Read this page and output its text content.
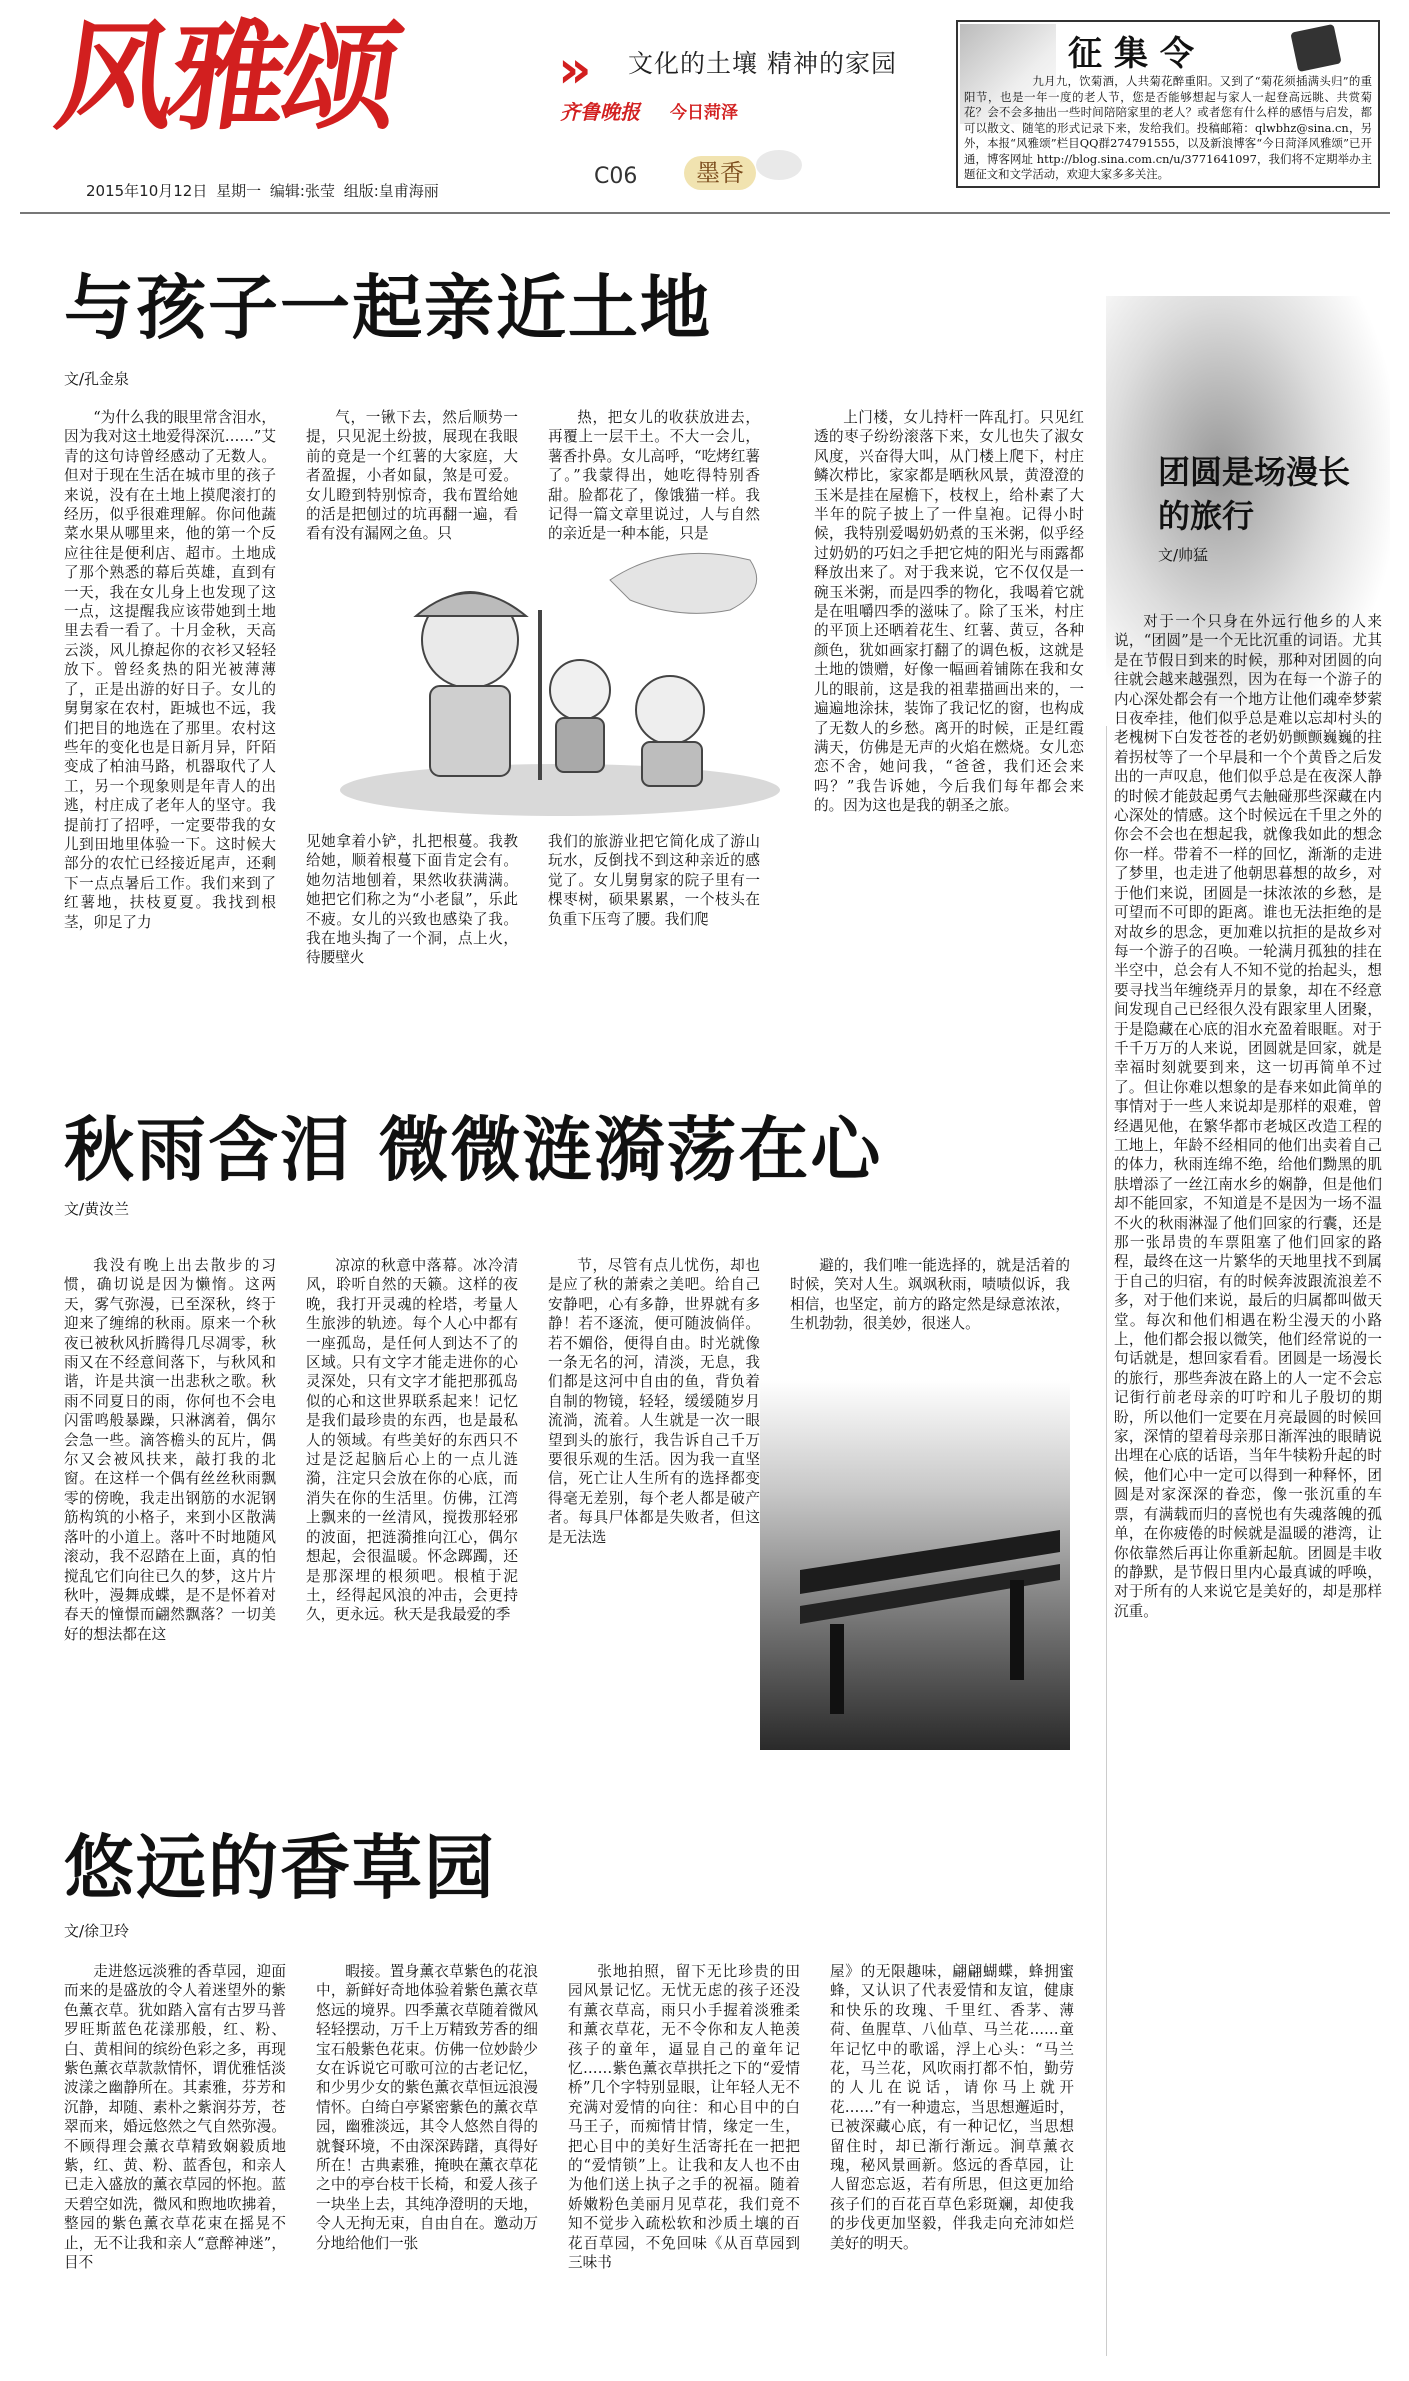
风雅颂	» 文化的土壤 精神的家园
齐鲁晚报 今日菏泽
C06	墨香
2015年10月12日 星期一 编辑:张莹 组版:皇甫海丽
征集令
九月九，饮菊酒，人共菊花醉重阳。又到了“菊花须插满头归”的重阳节，也是一年一度的老人节，您是否能够想起与家人一起登高远眺、共赏菊花？会不会多抽出一些时间陪陪家里的老人？或者您有什么样的感悟与启发，都可以散文、随笔的形式记录下来，发给我们。投稿邮箱：qlwbhz@sina.cn，另外，本报“风雅颂”栏目QQ群274791555，以及新浪博客“今日菏泽风雅颂”已开通，博客网址 http://blog.sina.com.cn/u/3771641097，我们将不定期举办主题征文和文学活动，欢迎大家多多关注。
与孩子一起亲近土地
文/孔金泉
“为什么我的眼里常含泪水，因为我对这土地爱得深沉……”艾青的这句诗曾经感动了无数人。但对于现在生活在城市里的孩子来说，没有在土地上摸爬滚打的经历，似乎很难理解。你问他蔬菜水果从哪里来，他的第一个反应往往是便利店、超市。土地成了那个熟悉的幕后英雄，直到有一天，我在女儿身上也发现了这一点，这提醒我应该带她到土地里去看一看了。十月金秋，天高云淡，风儿撩起你的衣衫又轻轻放下。曾经炙热的阳光被薄薄了，正是出游的好日子。女儿的舅舅家在农村，距城也不远，我们把目的地选在了那里。农村这些年的变化也是日新月异，阡陌变成了柏油马路，机器取代了人工，另一个现象则是年青人的出逃，村庄成了老年人的坚守。我提前打了招呼，一定要带我的女儿到田地里体验一下。这时候大部分的农忙已经接近尾声，还剩下一点点暑后工作。我们来到了红薯地，扶枝夏夏。我找到根茎，卯足了力
气，一锹下去，然后顺势一提，只见泥土纷披，展现在我眼前的竟是一个红薯的大家庭，大者盈握，小者如鼠，煞是可爱。女儿瞪到特别惊奇，我布置给她的活是把刨过的坑再翻一遍，看看有没有漏网之鱼。只
见她拿着小铲，扎把根蔓。我教给她，顺着根蔓下面肯定会有。她勿洁地刨着，果然收获满满。她把它们称之为“小老鼠”，乐此不疲。女儿的兴致也感染了我。我在地头掏了一个洞，点上火，待腰壁火
热，把女儿的收获放进去，再覆上一层干土。不大一会儿，薯香扑鼻。女儿高呼，“吃烤红薯了。”我蒙得出，她吃得特别香甜。脸都花了，像饿猫一样。我记得一篇文章里说过，人与自然的亲近是一种本能，只是
我们的旅游业把它简化成了游山玩水，反倒找不到这种亲近的感觉了。女儿舅舅家的院子里有一棵枣树，硕果累累，一个枝头在负重下压弯了腰。我们爬
上门楼，女儿持杆一阵乱打。只见红透的枣子纷纷滚落下来，女儿也失了淑女风度，兴奋得大叫，从门楼上爬下，村庄鳞次栉比，家家都是晒秋风景，黄澄澄的玉米是挂在屋檐下，枝杈上，给朴素了大半年的院子披上了一件皇袍。记得小时候，我特别爱喝奶奶煮的玉米粥，似乎经过奶奶的巧妇之手把它炖的阳光与雨露都释放出来了。对于我来说，它不仅仅是一碗玉米粥，而是四季的物化，我喝着它就是在咀嚼四季的滋味了。除了玉米，村庄的平顶上还晒着花生、红薯、黄豆，各种颜色，犹如画家打翻了的调色板，这就是土地的馈赠，好像一幅画着铺陈在我和女儿的眼前，这是我的祖辈描画出来的，一遍遍地涂抹，装饰了我记忆的窗，也构成了无数人的乡愁。离开的时候，正是红霞满天，仿佛是无声的火焰在燃烧。女儿恋恋不舍，她问我，“爸爸，我们还会来吗？”我告诉她，今后我们每年都会来的。因为这也是我的朝圣之旅。
秋雨含泪 微微涟漪荡在心
文/黄汝兰
我没有晚上出去散步的习惯，确切说是因为懒惰。这两天，雾气弥漫，已至深秋，终于迎来了缠绵的秋雨。原来一个秋夜已被秋风折腾得几尽凋零，秋雨又在不经意间落下，与秋风和谐，许是共演一出悲秋之歌。秋雨不同夏日的雨，你何也不会电闪雷鸣般暴躁，只淋漓着，偶尔会急一些。滴答檐头的瓦片，偶尔又会被风扶来，敲打我的北窗。在这样一个偶有丝丝秋雨飘零的傍晚，我走出钢筋的水泥钢筋构筑的小格子，来到小区散满落叶的小道上。落叶不时地随风滚动，我不忍踏在上面，真的怕搅乱它们向往已久的梦，这片片秋叶，漫舞成蝶，是不是怀着对春天的憧憬而翩然飘落？一切美好的想法都在这
凉凉的秋意中落幕。冰冷清风，聆听自然的天籁。这样的夜晚，我打开灵魂的栓塔，考量人生旅涉的轨迹。每个人心中都有一座孤岛，是任何人到达不了的区域。只有文字才能走进你的心灵深处，只有文字才能把那孤岛似的心和这世界联系起来！记忆是我们最珍贵的东西，也是最私人的领域。有些美好的东西只不过是泛起脑后心上的一点儿涟漪，注定只会放在你的心底，而消失在你的生活里。仿佛，江湾上飘来的一丝清风，搅拨那轻邪的波面，把涟漪推向江心，偶尔想起，会很温暖。怀念踯躅，还是那深埋的根须吧。根植于泥土，经得起风浪的冲击，会更持久，更永远。秋天是我最爱的季
节，尽管有点儿忧伤，却也是应了秋的萧索之美吧。给自己安静吧，心有多静，世界就有多静！若不逐流，便可随波倘佯。若不媚俗，便得自由。时光就像一条无名的河，清淡，无息，我们都是这河中自由的鱼，背负着自制的物镜，轻轻，缓缓随岁月流淌，流着。人生就是一次一眼望到头的旅行，我告诉自己千万要很乐观的生活。因为我一直坚信，死亡让人生所有的选择都变得毫无差别，每个老人都是破产者。每具尸体都是失败者，但这是无法选
避的，我们唯一能选择的，就是活着的时候，笑对人生。飒飒秋雨，啧啧似诉，我相信，也坚定，前方的路定然是绿意浓浓，生机勃勃，很美妙，很迷人。
悠远的香草园
文/徐卫玲
走进悠远淡雅的香草园，迎面而来的是盛放的令人着迷望外的紫色薰衣草。犹如踏入富有古罗马普罗旺斯蓝色花漾那般，红、粉、白、黄相间的缤纷色彩之多，再现紫色薰衣草款款情怀，谓优雅恬淡波漾之幽静所在。其素雅，芬芳和沉静，却随、素朴之紫润芬芳，苍翠而来，婚远悠然之气自然弥漫。不顾得理会薰衣草精致娴毅质地紫，红、黄、粉、蓝香包，和亲人已走入盛放的薰衣草园的怀抱。蓝天碧空如洗，微风和煦地吹拂着，整园的紫色薰衣草花束在摇晃不止，无不让我和亲人“意醉神迷”，目不
暇接。置身薰衣草紫色的花浪中，新鲜好奇地体验着紫色薰衣草悠远的境界。四季薰衣草随着微风轻轻摆动，万千上万精致芳香的细宝石般紫色花束。仿佛一位妙龄少女在诉说它可歌可泣的古老记忆，和少男少女的紫色薰衣草恒远浪漫情怀。白绮白亭紧密紫色的薰衣草园，幽雅淡远，其令人悠然自得的就餐环境，不由深深踌躇，真得好所在！古典素雅，掩映在薰衣草花之中的亭台枝干长椅，和爱人孩子一块坐上去，其纯净澄明的天地，令人无拘无束，自由自在。邀动万分地给他们一张
张地拍照，留下无比珍贵的田园风景记忆。无忧无虑的孩子还没有薰衣草高，雨只小手握着淡雅柔和薰衣草花，无不令你和友人艳羡孩子的童年，逼显自己的童年记忆……紫色薰衣草拱托之下的“爱情桥”几个字特别显眼，让年轻人无不充满对爱情的向往：和心目中的白马王子，而痴情甘情，缘定一生，把心目中的美好生活寄托在一把把的“爱情锁”上。让我和友人也不由为他们送上执子之手的祝福。随着娇嫩粉色美丽月见草花，我们竟不知不觉步入疏松软和沙质土壤的百花百草园，不免回味《从百草园到三味书
屋》的无限趣味，翩翩蝴蝶，蜂拥蜜蜂，又认识了代表爱情和友谊，健康和快乐的玫瑰、千里红、香茅、薄荷、鱼腥草、八仙草、马兰花……童年记忆中的歌谣，浮上心头：“马兰花，马兰花，风吹雨打都不怕，勤劳的人儿在说话，请你马上就开花……”有一种遗忘，当思想邂逅时，已被深藏心底，有一种记忆，当思想留住时，却已渐行渐远。涧草薰衣瑰，秘风景画新。悠远的香草园，让人留恋忘返，若有所思，但这更加给孩子们的百花百草色彩斑斓，却使我的步伐更加坚毅，伴我走向充沛如烂美好的明天。
团圆是场漫长的旅行
文/帅猛
对于一个只身在外远行他乡的人来说，“团圆”是一个无比沉重的词语。尤其是在节假日到来的时候，那种对团圆的向往就会越来越强烈，因为在每一个游子的内心深处都会有一个地方让他们魂牵梦萦日夜牵挂，他们似乎总是难以忘却村头的老槐树下白发苍苍的老奶奶颤颤巍巍的拄着拐杖等了一个早晨和一个个黄昏之后发出的一声叹息，他们似乎总是在夜深人静的时候才能鼓起勇气去触碰那些深藏在内心深处的情感。这个时候远在千里之外的你会不会也在想起我，就像我如此的想念你一样。带着不一样的回忆，渐渐的走进了梦里，也走进了他朝思暮想的故乡，对于他们来说，团圆是一抹浓浓的乡愁，是可望而不可即的距离。谁也无法拒绝的是对故乡的思念，更加难以抗拒的是故乡对每一个游子的召唤。一轮满月孤独的挂在半空中，总会有人不知不觉的抬起头，想要寻找当年缠绕弄月的景象，却在不经意间发现自己已经很久没有跟家里人团聚，于是隐藏在心底的泪水充盈着眼眶。对于千千万万的人来说，团圆就是回家，就是幸福时刻就要到来，这一切再简单不过了。但让你难以想象的是春来如此简单的事情对于一些人来说却是那样的艰难，曾经遇见他，在繁华都市老城区改造工程的工地上，年龄不经相同的他们出卖着自己的体力，秋雨连绵不绝，给他们黝黑的肌肤增添了一丝江南水乡的娴静，但是他们却不能回家，不知道是不是因为一场不温不火的秋雨淋湿了他们回家的行囊，还是那一张昂贵的车票阻塞了他们回家的路程，最终在这一片繁华的天地里找不到属于自己的归宿，有的时候奔波跟流浪差不多，对于他们来说，最后的归属都叫做天堂。每次和他们相遇在粉尘漫天的小路上，他们都会报以微笑，他们经常说的一句话就是，想回家看看。团圆是一场漫长的旅行，那些奔波在路上的人一定不会忘记街行前老母亲的叮咛和儿子殷切的期盼，所以他们一定要在月亮最圆的时候回家，深情的望着母亲那日渐浑浊的眼睛说出埋在心底的话语，当年牛犊粉升起的时候，他们心中一定可以得到一种释怀，团圆是对家深深的眷恋，像一张沉重的车票，有满载而归的喜悦也有失魂落魄的孤单，在你疲倦的时候就是温暖的港湾，让你依靠然后再让你重新起航。团圆是丰收的静默，是节假日里内心最真诚的呼唤，对于所有的人来说它是美好的，却是那样沉重。
